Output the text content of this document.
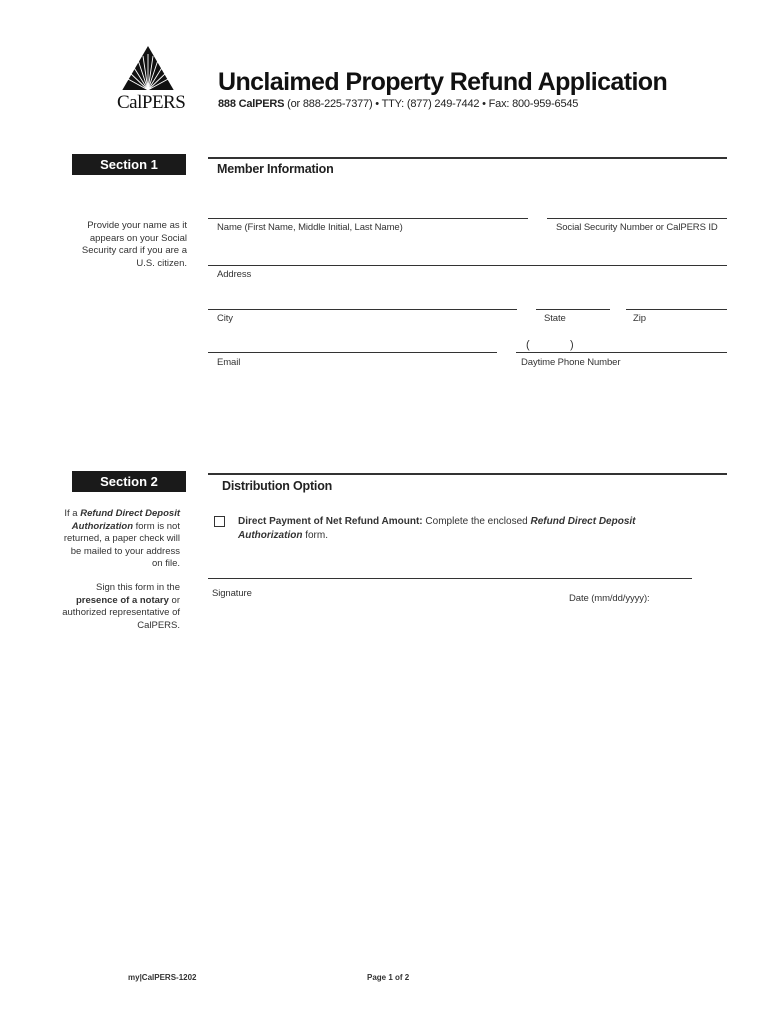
CalPERS
Unclaimed Property Refund Application
888 CalPERS (or 888-225-7377) • TTY: (877) 249-7442 • Fax: 800-959-6545
Section 1	Member Information
Provide your name as it appears on your Social Security card if you are a U.S. citizen.
Name (First Name, Middle Initial, Last Name)	Social Security Number or CalPERS ID
Address
City	State	Zip
(	)
Email	Daytime Phone Number
Section 2	Distribution Option
If a Refund Direct Deposit Authorization form is not returned, a paper check will be mailed to your address on file.
Sign this form in the presence of a notary or authorized representative of CalPERS.
Direct Payment of Net Refund Amount: Complete the enclosed Refund Direct Deposit Authorization form.
Signature	Date (mm/dd/yyyy):
my|CalPERS-1202	Page 1 of 2
